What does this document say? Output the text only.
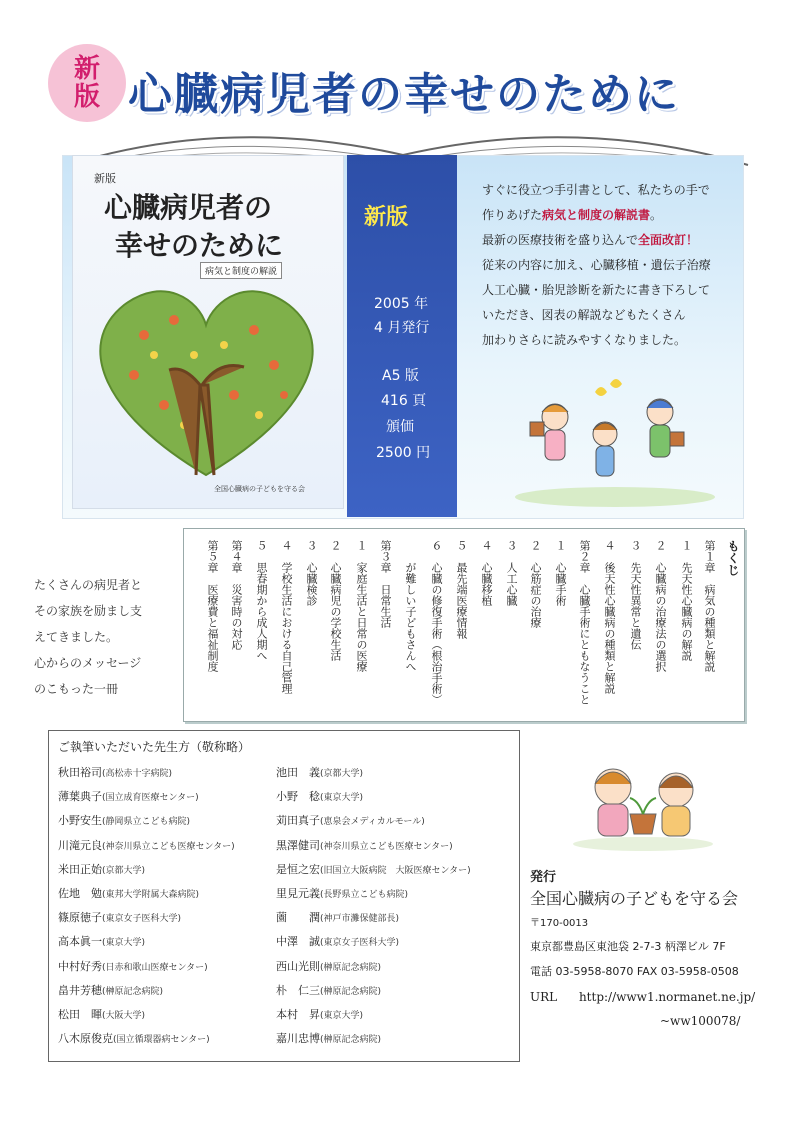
新
版 心臓病児者の幸せのために
新版
心臓病児者の
幸せのために
病気と制度の解説
全国心臓病の子どもを守る会
新版
2005 年
4 月発行
A5 版
416 頁
頒価
2500 円
すぐに役立つ手引書として、私たちの手で
作りあげた病気と制度の解説書。
最新の医療技術を盛り込んで全面改訂！
従来の内容に加え、心臓移植・遺伝子治療
人工心臓・胎児診断を新たに書き下ろして
いただき、図表の解説などもたくさん
加わりさらに読みやすくなりました。
もくじ
第１章　病気の種類と解説
１　先天性心臓病の解説
２　心臓病の治療法の選択
３　先天性異常と遺伝
４　後天性心臓病の種類と解説
第２章　心臓手術にともなうこと
１　心臓手術
２　心筋症の治療
３　人工心臓
４　心臓移植
５　最先端医療情報
６　心臓の修復手術（根治手術）
　　が難しい子どもさんへ
第３章　日常生活
１　家庭生活と日常の医療
２　心臓病児の学校生活
３　心臓検診
４　学校生活における自己管理
５　思春期から成人期へ
第４章　災害時の対応
第５章　医療費と福祉制度
たくさんの病児者と
その家族を励まし支
えてきました。
心からのメッセージ
のこもった一冊
ご執筆いただいた先生方（敬称略）
秋田裕司(高松赤十字病院)
薄葉典子(国立成育医療センター)
小野安生(静岡県立こども病院)
川滝元良(神奈川県立こども医療センター)
米田正始(京都大学)
佐地　勉(東邦大学附属大森病院)
篠原徳子(東京女子医科大学)
高本眞一(東京大学)
中村好秀(日赤和歌山医療センター)
畠井芳穂(榊原記念病院)
松田　暉(大阪大学)
八木原俊克(国立循環器病センター)
池田　義(京都大学)
小野　稔(東京大学)
苅田真子(恵泉会メディカルモール)
黒澤健司(神奈川県立こども医療センター)
是恒之宏(旧国立大阪病院　大阪医療センター)
里見元義(長野県立こども病院)
薗　　潤(神戸市灘保健部長)
中澤　誠(東京女子医科大学)
西山光則(榊原記念病院)
朴　仁三(榊原記念病院)
本村　昇(東京大学)
嘉川忠博(榊原記念病院)
発行
全国心臓病の子どもを守る会
〒170-0013
東京都豊島区東池袋 2-7-3 柄澤ビル 7F
電話 03-5958-8070 FAX 03-5958-0508
URL http://www1.normanet.ne.jp/
~ww100078/
